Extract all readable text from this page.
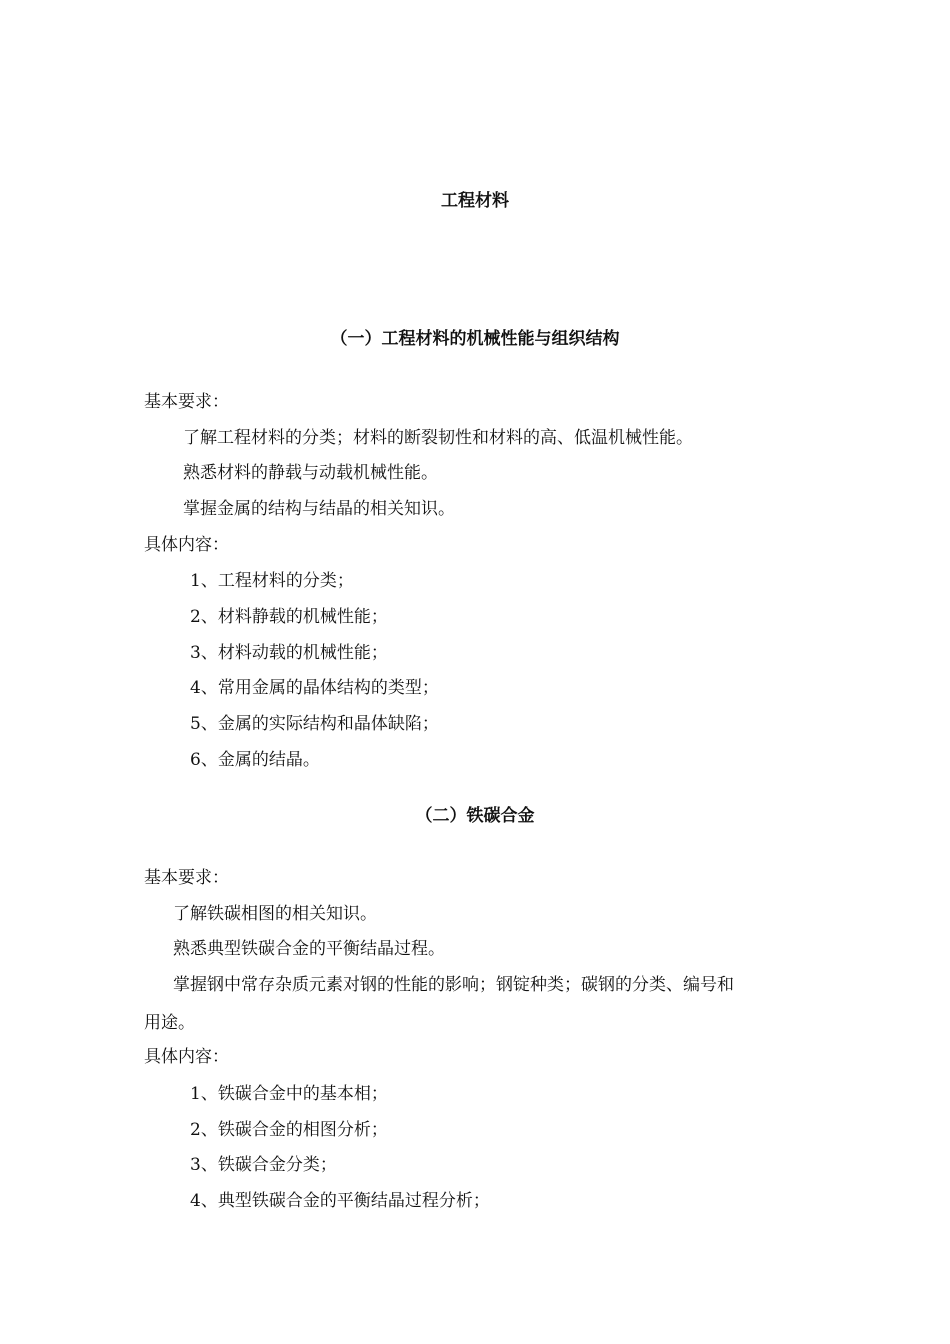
工程材料
（一）工程材料的机械性能与组织结构

基本要求：

了解工程材料的分类；材料的断裂韧性和材料的高、低温机械性能。

熟悉材料的静载与动载机械性能。

掌握金属的结构与结晶的相关知识。

具体内容：

1、工程材料的分类；

2、材料静载的机械性能；

3、材料动载的机械性能；

4、常用金属的晶体结构的类型；

5、金属的实际结构和晶体缺陷；

6、金属的结晶。

（二）铁碳合金

基本要求：

了解铁碳相图的相关知识。

熟悉典型铁碳合金的平衡结晶过程。

掌握钢中常存杂质元素对钢的性能的影响；钢锭种类；碳钢的分类、编号和

用途。

具体内容：

1、铁碳合金中的基本相；

2、铁碳合金的相图分析；

3、铁碳合金分类；

4、典型铁碳合金的平衡结晶过程分析；
